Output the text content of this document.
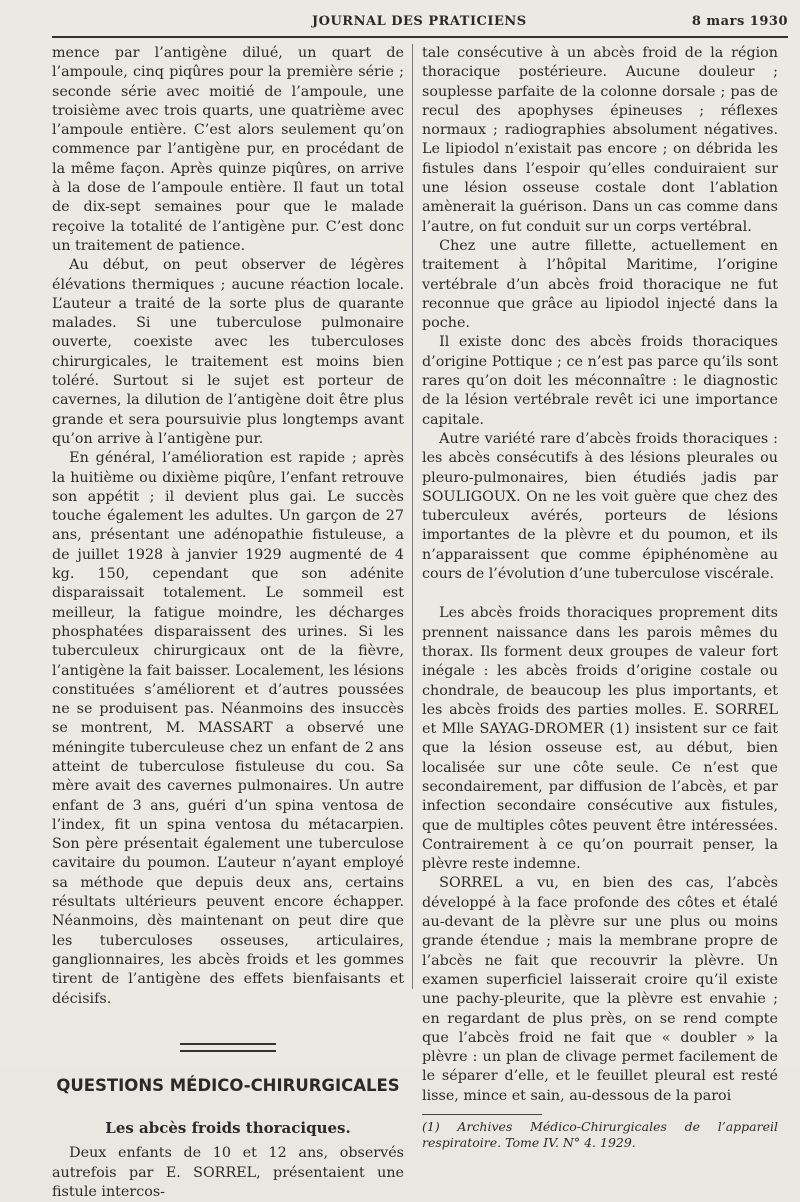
JOURNAL DES PRATICIENS	8 mars 1930

mence par l’antigène dilué, un quart de l’ampoule, cinq piqûres pour la première série ; seconde série avec moitié de l’ampoule, une troisième avec trois quarts, une quatrième avec l’ampoule entière. C’est alors seulement qu’on commence par l’antigène pur, en procédant de la même façon. Après quinze piqûres, on arrive à la dose de l’ampoule entière. Il faut un total de dix-sept semaines pour que le malade reçoive la totalité de l’antigène pur. C’est donc un traitement de patience.

Au début, on peut observer de légères élévations thermiques ; aucune réaction locale. L’auteur a traité de la sorte plus de quarante malades. Si une tuberculose pulmonaire ouverte, coexiste avec les tuberculoses chirurgicales, le traitement est moins bien toléré. Surtout si le sujet est porteur de cavernes, la dilution de l’antigène doit être plus grande et sera poursuivie plus longtemps avant qu’on arrive à l’antigène pur.

En général, l’amélioration est rapide ; après la huitième ou dixième piqûre, l’enfant retrouve son appétit ; il devient plus gai. Le succès touche également les adultes. Un garçon de 27 ans, présentant une adénopathie fistuleuse, a de juillet 1928 à janvier 1929 augmenté de 4 kg. 150, cependant que son adénite disparaissait totalement. Le sommeil est meilleur, la fatigue moindre, les décharges phosphatées disparaissent des urines. Si les tuberculeux chirurgicaux ont de la fièvre, l’antigène la fait baisser. Localement, les lésions constituées s’améliorent et d’autres poussées ne se produisent pas. Néanmoins des insuccès se montrent, M. MASSART a observé une méningite tuberculeuse chez un enfant de 2 ans atteint de tuberculose fistuleuse du cou. Sa mère avait des cavernes pulmonaires. Un autre enfant de 3 ans, guéri d’un spina ventosa de l’index, fit un spina ventosa du métacarpien. Son père présentait également une tuberculose cavitaire du poumon. L’auteur n’ayant employé sa méthode que depuis deux ans, certains résultats ultérieurs peuvent encore échapper. Néanmoins, dès maintenant on peut dire que les tuberculoses osseuses, articulaires, ganglionnaires, les abcès froids et les gommes tirent de l’antigène des effets bienfaisants et décisifs.

QUESTIONS MÉDICO-CHIRURGICALES
Les abcès froids thoraciques.

Deux enfants de 10 et 12 ans, observés autrefois par E. SORREL, présentaient une fistule intercos-

tale consécutive à un abcès froid de la région thoracique postérieure. Aucune douleur ; souplesse parfaite de la colonne dorsale ; pas de recul des apophyses épineuses ; réflexes normaux ; radiographies absolument négatives. Le lipiodol n’existait pas encore ; on débrida les fistules dans l’espoir qu’elles conduiraient sur une lésion osseuse costale dont l’ablation amènerait la guérison. Dans un cas comme dans l’autre, on fut conduit sur un corps vertébral.

Chez une autre fillette, actuellement en traitement à l’hôpital Maritime, l’origine vertébrale d’un abcès froid thoracique ne fut reconnue que grâce au lipiodol injecté dans la poche.

Il existe donc des abcès froids thoraciques d’origine Pottique ; ce n’est pas parce qu’ils sont rares qu’on doit les méconnaître : le diagnostic de la lésion vertébrale revêt ici une importance capitale.

Autre variété rare d’abcès froids thoraciques : les abcès consécutifs à des lésions pleurales ou pleuro-pulmonaires, bien étudiés jadis par SOULIGOUX. On ne les voit guère que chez des tuberculeux avérés, porteurs de lésions importantes de la plèvre et du poumon, et ils n’apparaissent que comme épiphénomène au cours de l’évolution d’une tuberculose viscérale.

Les abcès froids thoraciques proprement dits prennent naissance dans les parois mêmes du thorax. Ils forment deux groupes de valeur fort inégale : les abcès froids d’origine costale ou chondrale, de beaucoup les plus importants, et les abcès froids des parties molles. E. SORREL et Mlle SAYAG-DROMER (1) insistent sur ce fait que la lésion osseuse est, au début, bien localisée sur une côte seule. Ce n’est que secondairement, par diffusion de l’abcès, et par infection secondaire consécutive aux fistules, que de multiples côtes peuvent être intéressées. Contrairement à ce qu’on pourrait penser, la plèvre reste indemne.

SORREL a vu, en bien des cas, l’abcès développé à la face profonde des côtes et étalé au-devant de la plèvre sur une plus ou moins grande étendue ; mais la membrane propre de l’abcès ne fait que recouvrir la plèvre. Un examen superficiel laisserait croire qu’il existe une pachy-pleurite, que la plèvre est envahie ; en regardant de plus près, on se rend compte que l’abcès froid ne fait que « doubler » la plèvre : un plan de clivage permet facilement de le séparer d’elle, et le feuillet pleural est resté lisse, mince et sain, au-dessous de la paroi

(1) Archives Médico-Chirurgicales de l’appareil respiratoire. Tome IV. N° 4. 1929.
